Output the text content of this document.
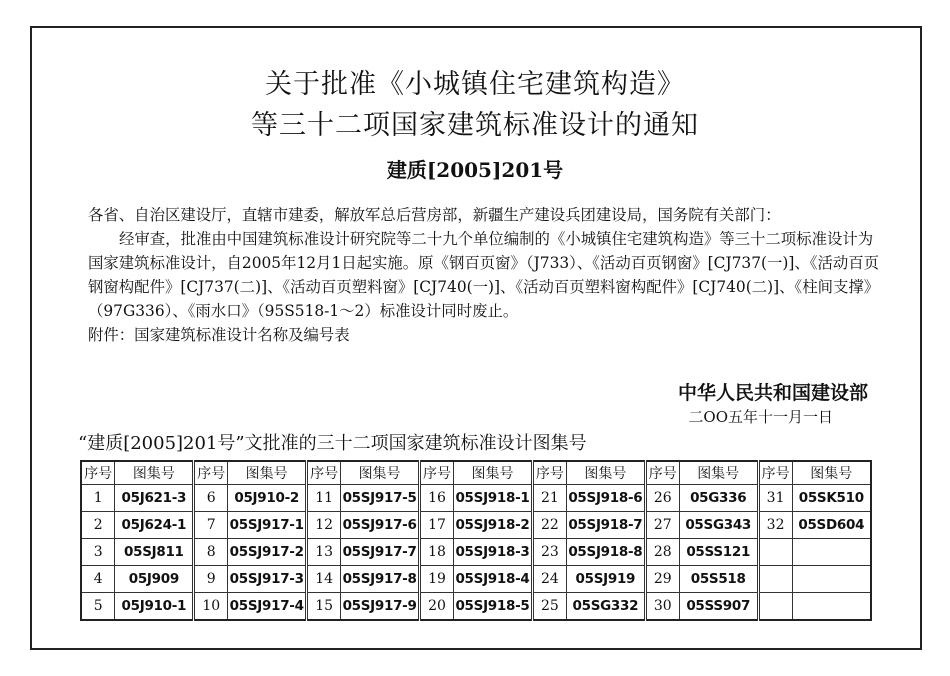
关于批准《小城镇住宅建筑构造》
等三十二项国家建筑标准设计的通知
建质[2005]201号

各省、自治区建设厅，直辖市建委，解放军总后营房部，新疆生产建设兵团建设局，国务院有关部门：

经审查，批准由中国建筑标准设计研究院等二十九个单位编制的《小城镇住宅建筑构造》等三十二项标准设计为国家建筑标准设计，自2005年12月1日起实施。原《钢百页窗》（J733）、《活动百页钢窗》[CJ737(一)]、《活动百页钢窗构配件》[CJ737(二)]、《活动百页塑料窗》[CJ740(一)]、《活动百页塑料窗构配件》[CJ740(二)]、《柱间支撑》（97G336）、《雨水口》（95S518-1～2）标准设计同时废止。

附件：国家建筑标准设计名称及编号表

中华人民共和国建设部
二OO五年十一月一日
“建质[2005]201号”文批准的三十二项国家建筑标准设计图集号
序号	图集号	序号	图集号	序号	图集号	序号	图集号	序号	图集号	序号	图集号	序号	图集号
1	05J621-3	6	05J910-2	11	05SJ917-5	16	05SJ918-1	21	05SJ918-6	26	05G336	31	05SK510
2	05J624-1	7	05SJ917-1	12	05SJ917-6	17	05SJ918-2	22	05SJ918-7	27	05SG343	32	05SD604
3	05SJ811	8	05SJ917-2	13	05SJ917-7	18	05SJ918-3	23	05SJ918-8	28	05SS121		
4	05J909	9	05SJ917-3	14	05SJ917-8	19	05SJ918-4	24	05SJ919	29	05S518		
5	05J910-1	10	05SJ917-4	15	05SJ917-9	20	05SJ918-5	25	05SG332	30	05SS907		
